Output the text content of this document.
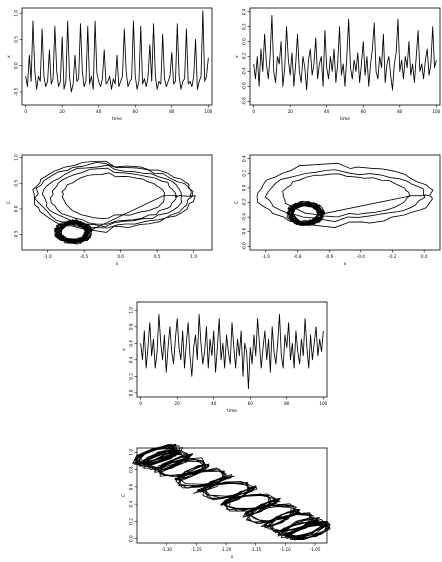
0	20	40	60	80	100
-0.5
0.0
0.5
1.0
time
x
0	20	40	60	80	100
-0.8
-0.6
-0.4
-0.2
0.0
0.2
0.4
time
x
-1.0	-0.5	0.0	0.5	1.0
-0.5
0.0
0.5
1.0
x
C
-1.0	-0.8	-0.6	-0.4	-0.2	0.0
-0.8
-0.6
-0.4
-0.2
0.0
0.2
0.4
x
C
0	20	40	60	80	100
0.0
0.2
0.4
0.6
0.8
1.0
time
x
-1.30	-1.25	-1.20	-1.15	-1.10	-1.05
0.0
0.2
0.4
0.6
0.8
1.0
x
C
